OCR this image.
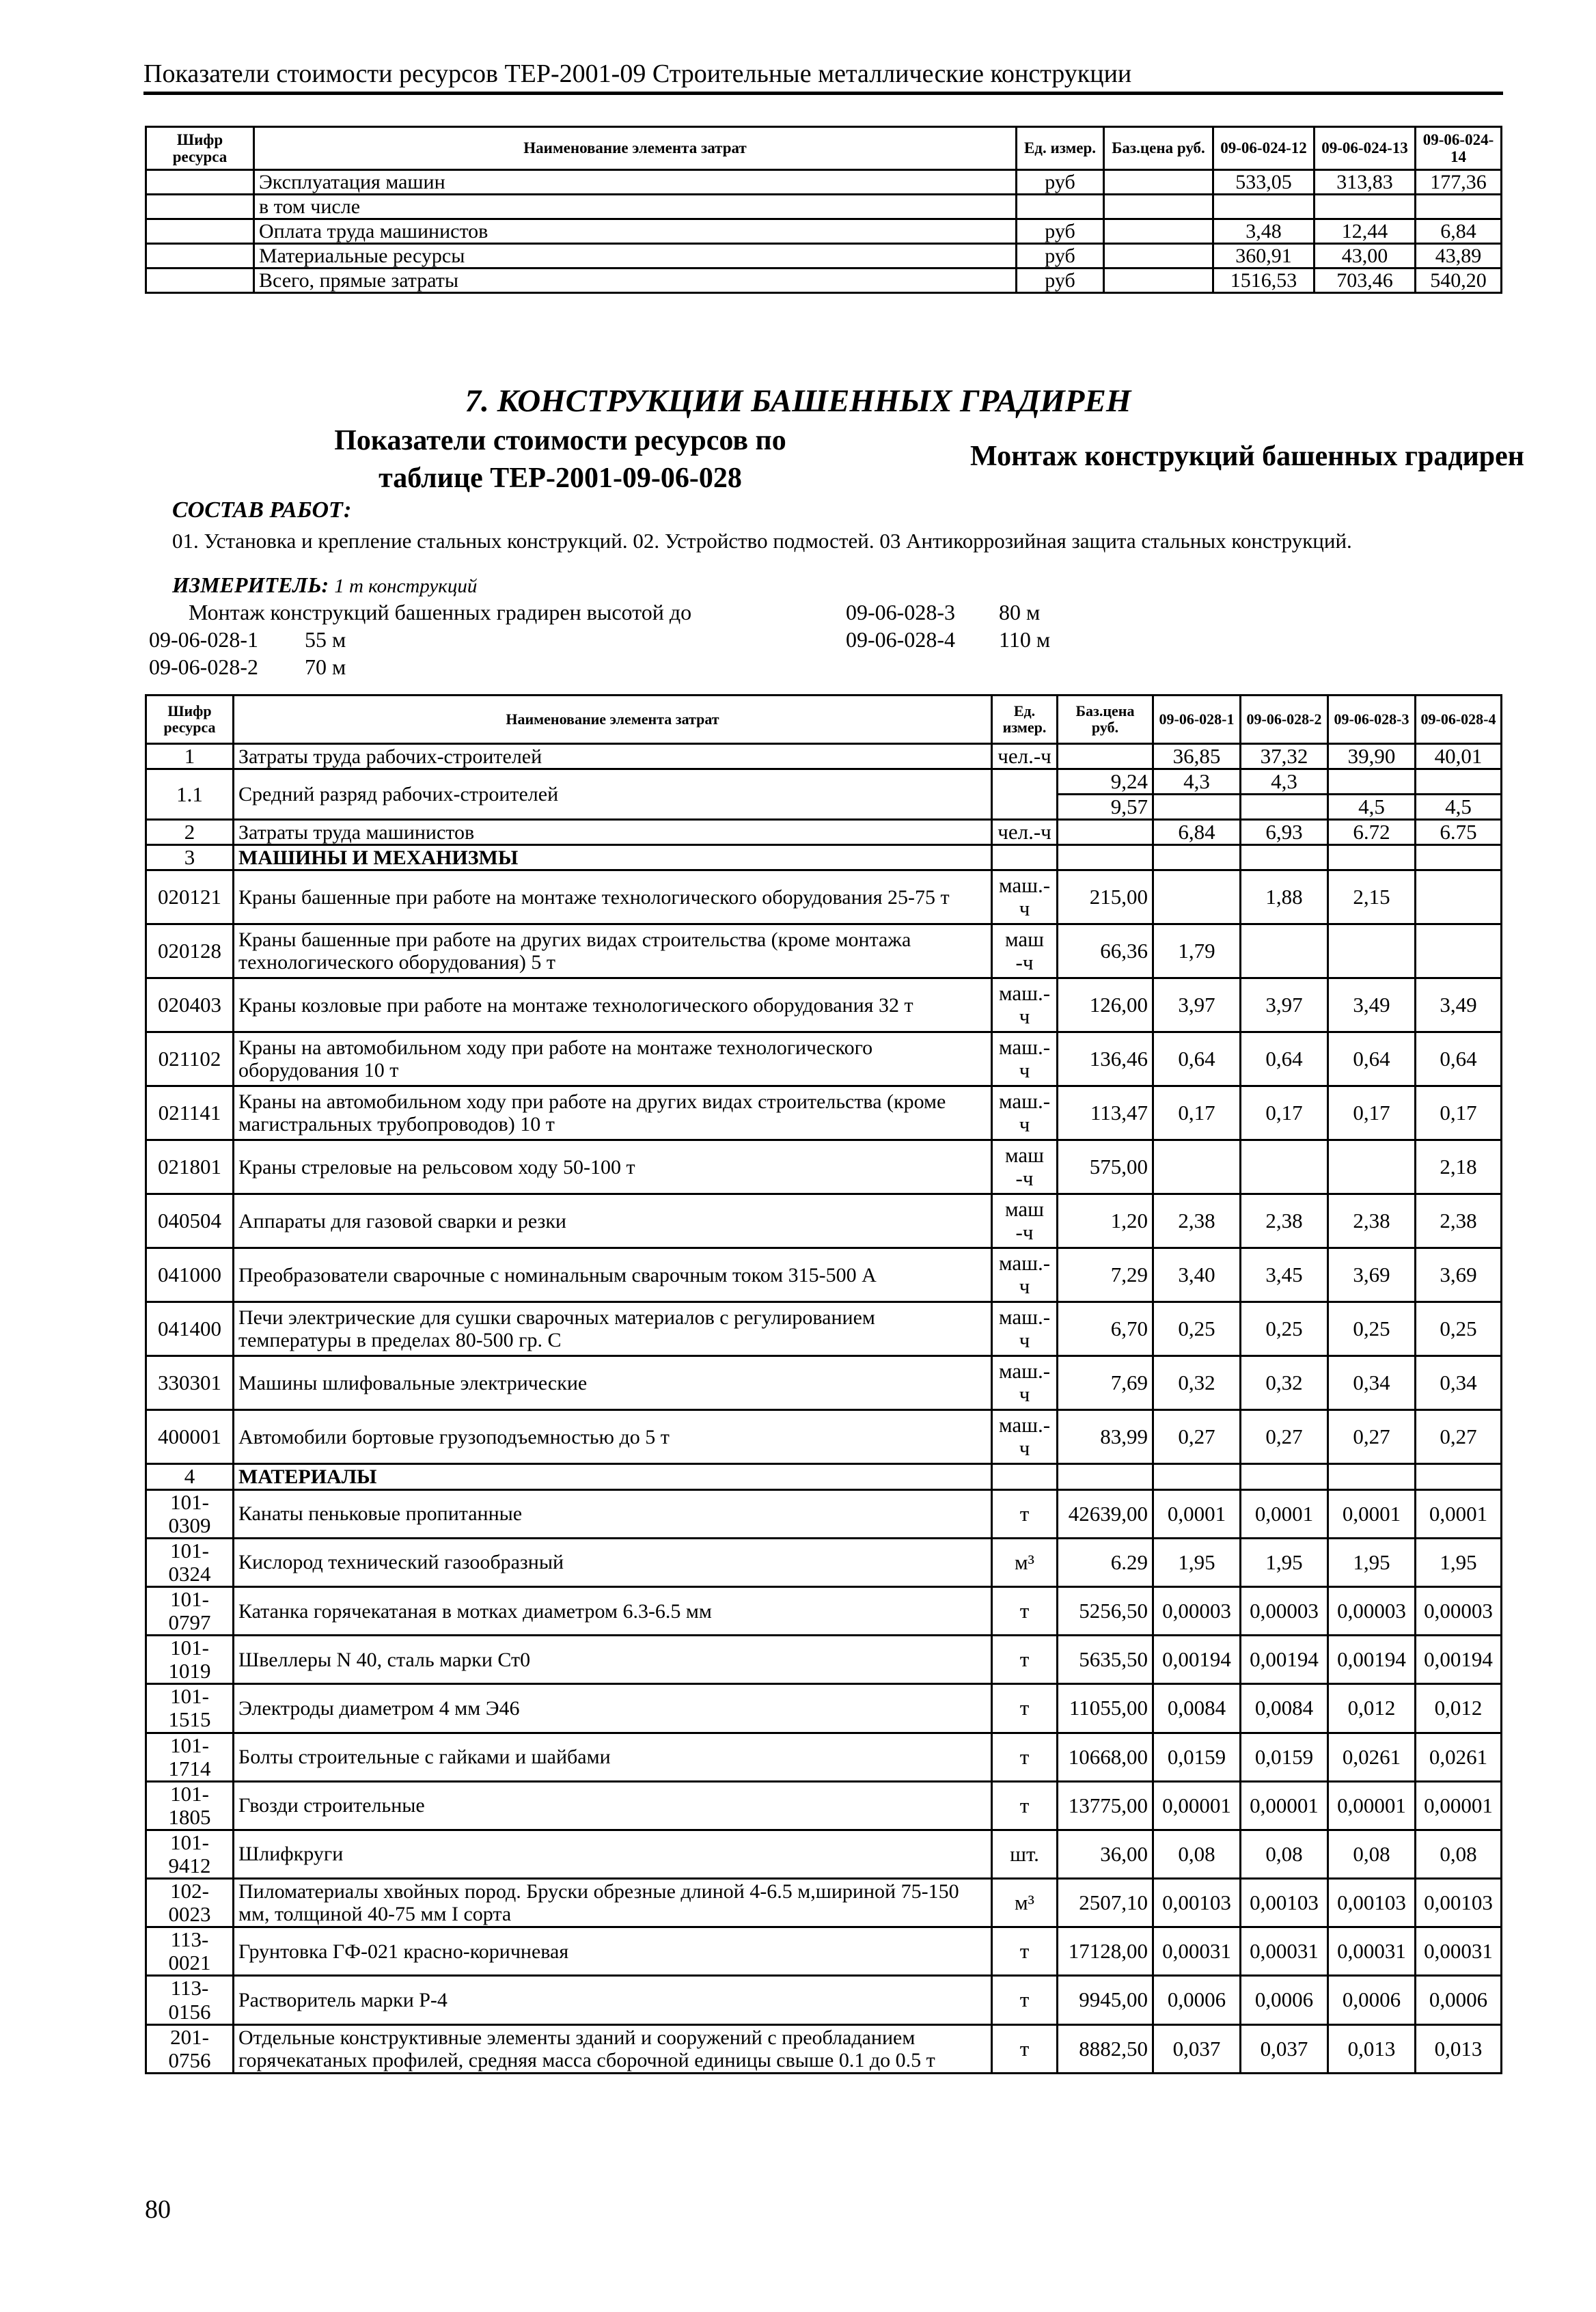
Показатели стоимости ресурсов ТЕР-2001-09 Строительные металлические конструкции
Шифр ресурса	Наименование элемента затрат	Ед. измер.	Баз.цена руб.	09-06-024-12	09-06-024-13	09-06-024-14
	Эксплуатация машин	руб		533,05	313,83	177,36
	в том числе					
	Оплата труда машинистов	руб		3,48	12,44	6,84
	Материальные ресурсы	руб		360,91	43,00	43,89
	Всего, прямые затраты	руб		1516,53	703,46	540,20
7. КОНСТРУКЦИИ БАШЕННЫХ ГРАДИРЕН
Показатели стоимости ресурсов по таблице ТЕР-2001-09-06-028
Монтаж конструкций башенных градирен
СОСТАВ РАБОТ:
01. Установка и крепление стальных конструкций. 02. Устройство подмостей. 03 Антикоррозийная защита стальных конструкций.
ИЗМЕРИТЕЛЬ: 1 т конструкций
Монтаж конструкций башенных градирен высотой до
09-06-028-1 55 м
09-06-028-2 70 м
09-06-028-3 80 м
09-06-028-4 110 м
Шифр ресурса	Наименование элемента затрат	Ед. измер.	Баз.цена руб.	09-06-028-1	09-06-028-2	09-06-028-3	09-06-028-4
1	Затраты труда рабочих-строителей	чел.-ч		36,85	37,32	39,90	40,01
1.1	Средний разряд рабочих-строителей		9,24	4,3	4,3		
			9,57			4,5	4,5
2	Затраты труда машинистов	чел.-ч		6,84	6,93	6.72	6.75
3	МАШИНЫ И МЕХАНИЗМЫ						
020121	Краны башенные при работе на монтаже технологического оборудования 25-75 т	маш.-ч	215,00		1,88	2,15	
020128	Краны башенные при работе на других видах строительства (кроме монтажа технологического оборудования) 5 т	маш -ч	66,36	1,79			
020403	Краны козловые при работе на монтаже технологического оборудования 32 т	маш.-ч	126,00	3,97	3,97	3,49	3,49
021102	Краны на автомобильном ходу при работе на монтаже технологического оборудования 10 т	маш.-ч	136,46	0,64	0,64	0,64	0,64
021141	Краны на автомобильном ходу при работе на других видах строительства (кроме магистральных трубопроводов) 10 т	маш.-ч	113,47	0,17	0,17	0,17	0,17
021801	Краны стреловые на рельсовом ходу 50-100 т	маш -ч	575,00				2,18
040504	Аппараты для газовой сварки и резки	маш -ч	1,20	2,38	2,38	2,38	2,38
041000	Преобразователи сварочные с номинальным сварочным током 315-500 А	маш.-ч	7,29	3,40	3,45	3,69	3,69
041400	Печи электрические для сушки сварочных материалов с регулированием температуры в пределах 80-500 гр. С	маш.-ч	6,70	0,25	0,25	0,25	0,25
330301	Машины шлифовальные электрические	маш.-ч	7,69	0,32	0,32	0,34	0,34
400001	Автомобили бортовые грузоподъемностью до 5 т	маш.-ч	83,99	0,27	0,27	0,27	0,27
4	МАТЕРИАЛЫ						
101-0309	Канаты пеньковые пропитанные	т	42639,00	0,0001	0,0001	0,0001	0,0001
101-0324	Кислород технический газообразный	м³	6.29	1,95	1,95	1,95	1,95
101-0797	Катанка горячекатаная в мотках диаметром 6.3-6.5 мм	т	5256,50	0,00003	0,00003	0,00003	0,00003
101-1019	Швеллеры N 40, сталь марки Ст0	т	5635,50	0,00194	0,00194	0,00194	0,00194
101-1515	Электроды диаметром 4 мм Э46	т	11055,00	0,0084	0,0084	0,012	0,012
101-1714	Болты строительные с гайками и шайбами	т	10668,00	0,0159	0,0159	0,0261	0,0261
101-1805	Гвозди строительные	т	13775,00	0,00001	0,00001	0,00001	0,00001
101-9412	Шлифкруги	шт.	36,00	0,08	0,08	0,08	0,08
102-0023	Пиломатериалы хвойных пород. Бруски обрезные длиной 4-6.5 м,шириной 75-150 мм, толщиной 40-75 мм I сорта	м³	2507,10	0,00103	0,00103	0,00103	0,00103
113-0021	Грунтовка ГФ-021 красно-коричневая	т	17128,00	0,00031	0,00031	0,00031	0,00031
113-0156	Растворитель марки Р-4	т	9945,00	0,0006	0,0006	0,0006	0,0006
201-0756	Отдельные конструктивные элементы зданий и сооружений с преобладанием горячекатаных профилей, средняя масса сборочной единицы свыше 0.1 до 0.5 т	т	8882,50	0,037	0,037	0,013	0,013
80
